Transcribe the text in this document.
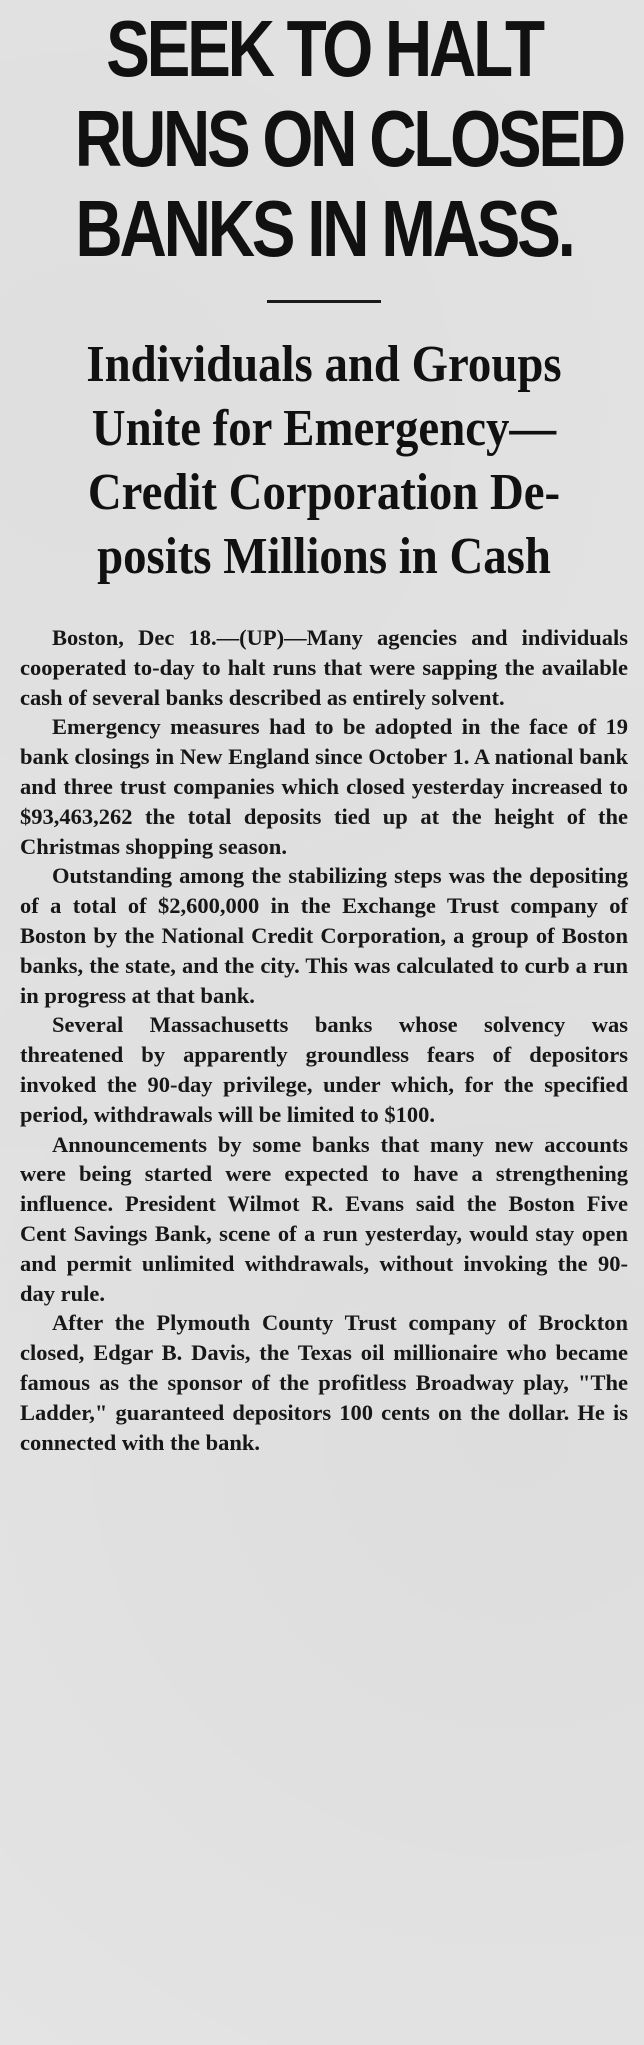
SEEK TO HALT
RUNS ON CLOSED
BANKS IN MASS.
Individuals and Groups
Unite for Emergency—
Credit Corporation De-
posits Millions in Cash

Boston, Dec 18.—(UP)—Many agencies and individuals cooperated to-day to halt runs that were sapping the available cash of several banks described as entirely solvent.

Emergency measures had to be adopted in the face of 19 bank closings in New England since October 1. A national bank and three trust companies which closed yesterday increased to $93,463,262 the total deposits tied up at the height of the Christmas shopping season.

Outstanding among the stabilizing steps was the depositing of a total of $2,600,000 in the Exchange Trust company of Boston by the National Credit Corporation, a group of Boston banks, the state, and the city. This was calculated to curb a run in progress at that bank.

Several Massachusetts banks whose solvency was threatened by apparently groundless fears of depositors invoked the 90-day privilege, under which, for the specified period, withdrawals will be limited to $100.

Announcements by some banks that many new accounts were being started were expected to have a strengthening influence. President Wilmot R. Evans said the Boston Five Cent Savings Bank, scene of a run yesterday, would stay open and permit unlimited withdrawals, without invoking the 90-day rule.

After the Plymouth County Trust company of Brockton closed, Edgar B. Davis, the Texas oil millionaire who became famous as the sponsor of the profitless Broadway play, "The Ladder," guaranteed depositors 100 cents on the dollar. He is connected with the bank.
